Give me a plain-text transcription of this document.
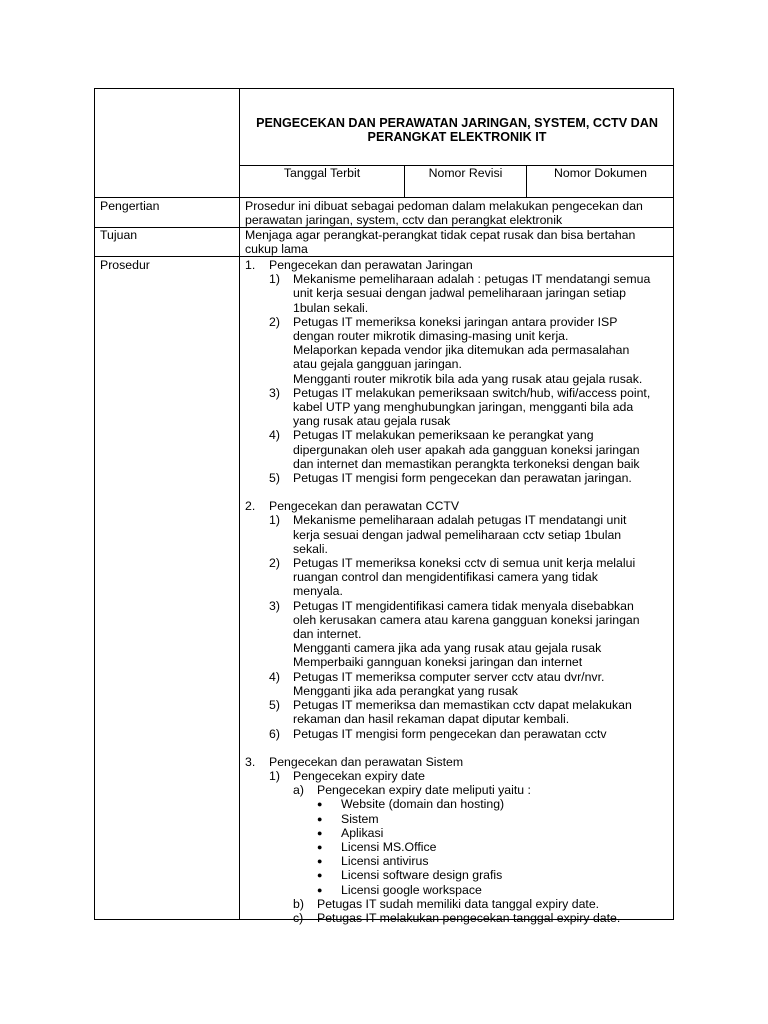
PENGECEKAN DAN PERAWATAN JARINGAN, SYSTEM, CCTV DAN
PERANGKAT ELEKTRONIK IT
Tanggal Terbit	Nomor Revisi	Nomor Dokumen
Pengertian	Prosedur ini dibuat sebagai pedoman dalam melakukan pengecekan dan
perawatan jaringan, system, cctv dan perangkat elektronik
Tujuan	Menjaga agar perangkat-perangkat tidak cepat rusak dan bisa bertahan
cukup lama
Prosedur	1.	Pengecekan dan perawatan Jaringan
1)	Mekanisme pemeliharaan adalah : petugas IT mendatangi semua
unit kerja sesuai dengan jadwal pemeliharaan jaringan setiap
1bulan sekali.
2)	Petugas IT memeriksa koneksi jaringan antara provider ISP
dengan router mikrotik dimasing-masing unit kerja.
Melaporkan kepada vendor jika ditemukan ada permasalahan
atau gejala gangguan jaringan.
Mengganti router mikrotik bila ada yang rusak atau gejala rusak.
3)	Petugas IT melakukan pemeriksaan switch/hub, wifi/access point,
kabel UTP yang menghubungkan jaringan, mengganti bila ada
yang rusak atau gejala rusak
4)	Petugas IT melakukan pemeriksaan ke perangkat yang
dipergunakan oleh user apakah ada gangguan koneksi jaringan
dan internet dan memastikan perangkta terkoneksi dengan baik
5)	Petugas IT mengisi form pengecekan dan perawatan jaringan.
2.	Pengecekan dan perawatan CCTV
1)	Mekanisme pemeliharaan adalah petugas IT mendatangi unit
kerja sesuai dengan jadwal pemeliharaan cctv setiap 1bulan
sekali.
2)	Petugas IT memeriksa koneksi cctv di semua unit kerja melalui
ruangan control dan mengidentifikasi camera yang tidak
menyala.
3)	Petugas IT mengidentifikasi camera tidak menyala disebabkan
oleh kerusakan camera atau karena gangguan koneksi jaringan
dan internet.
Mengganti camera jika ada yang rusak atau gejala rusak
Memperbaiki gannguan koneksi jaringan dan internet
4)	Petugas IT memeriksa computer server cctv atau dvr/nvr.
Mengganti jika ada perangkat yang rusak
5)	Petugas IT memeriksa dan memastikan cctv dapat melakukan
rekaman dan hasil rekaman dapat diputar kembali.
6)	Petugas IT mengisi form pengecekan dan perawatan cctv
3.	Pengecekan dan perawatan Sistem
1)	Pengecekan expiry date
a)	Pengecekan expiry date meliputi yaitu :
●	Website (domain dan hosting)
●	Sistem
●	Aplikasi
●	Licensi MS.Office
●	Licensi antivirus
●	Licensi software design grafis
●	Licensi google workspace
b)	Petugas IT sudah memiliki data tanggal expiry date.
c)	Petugas IT melakukan pengecekan tanggal expiry date.
